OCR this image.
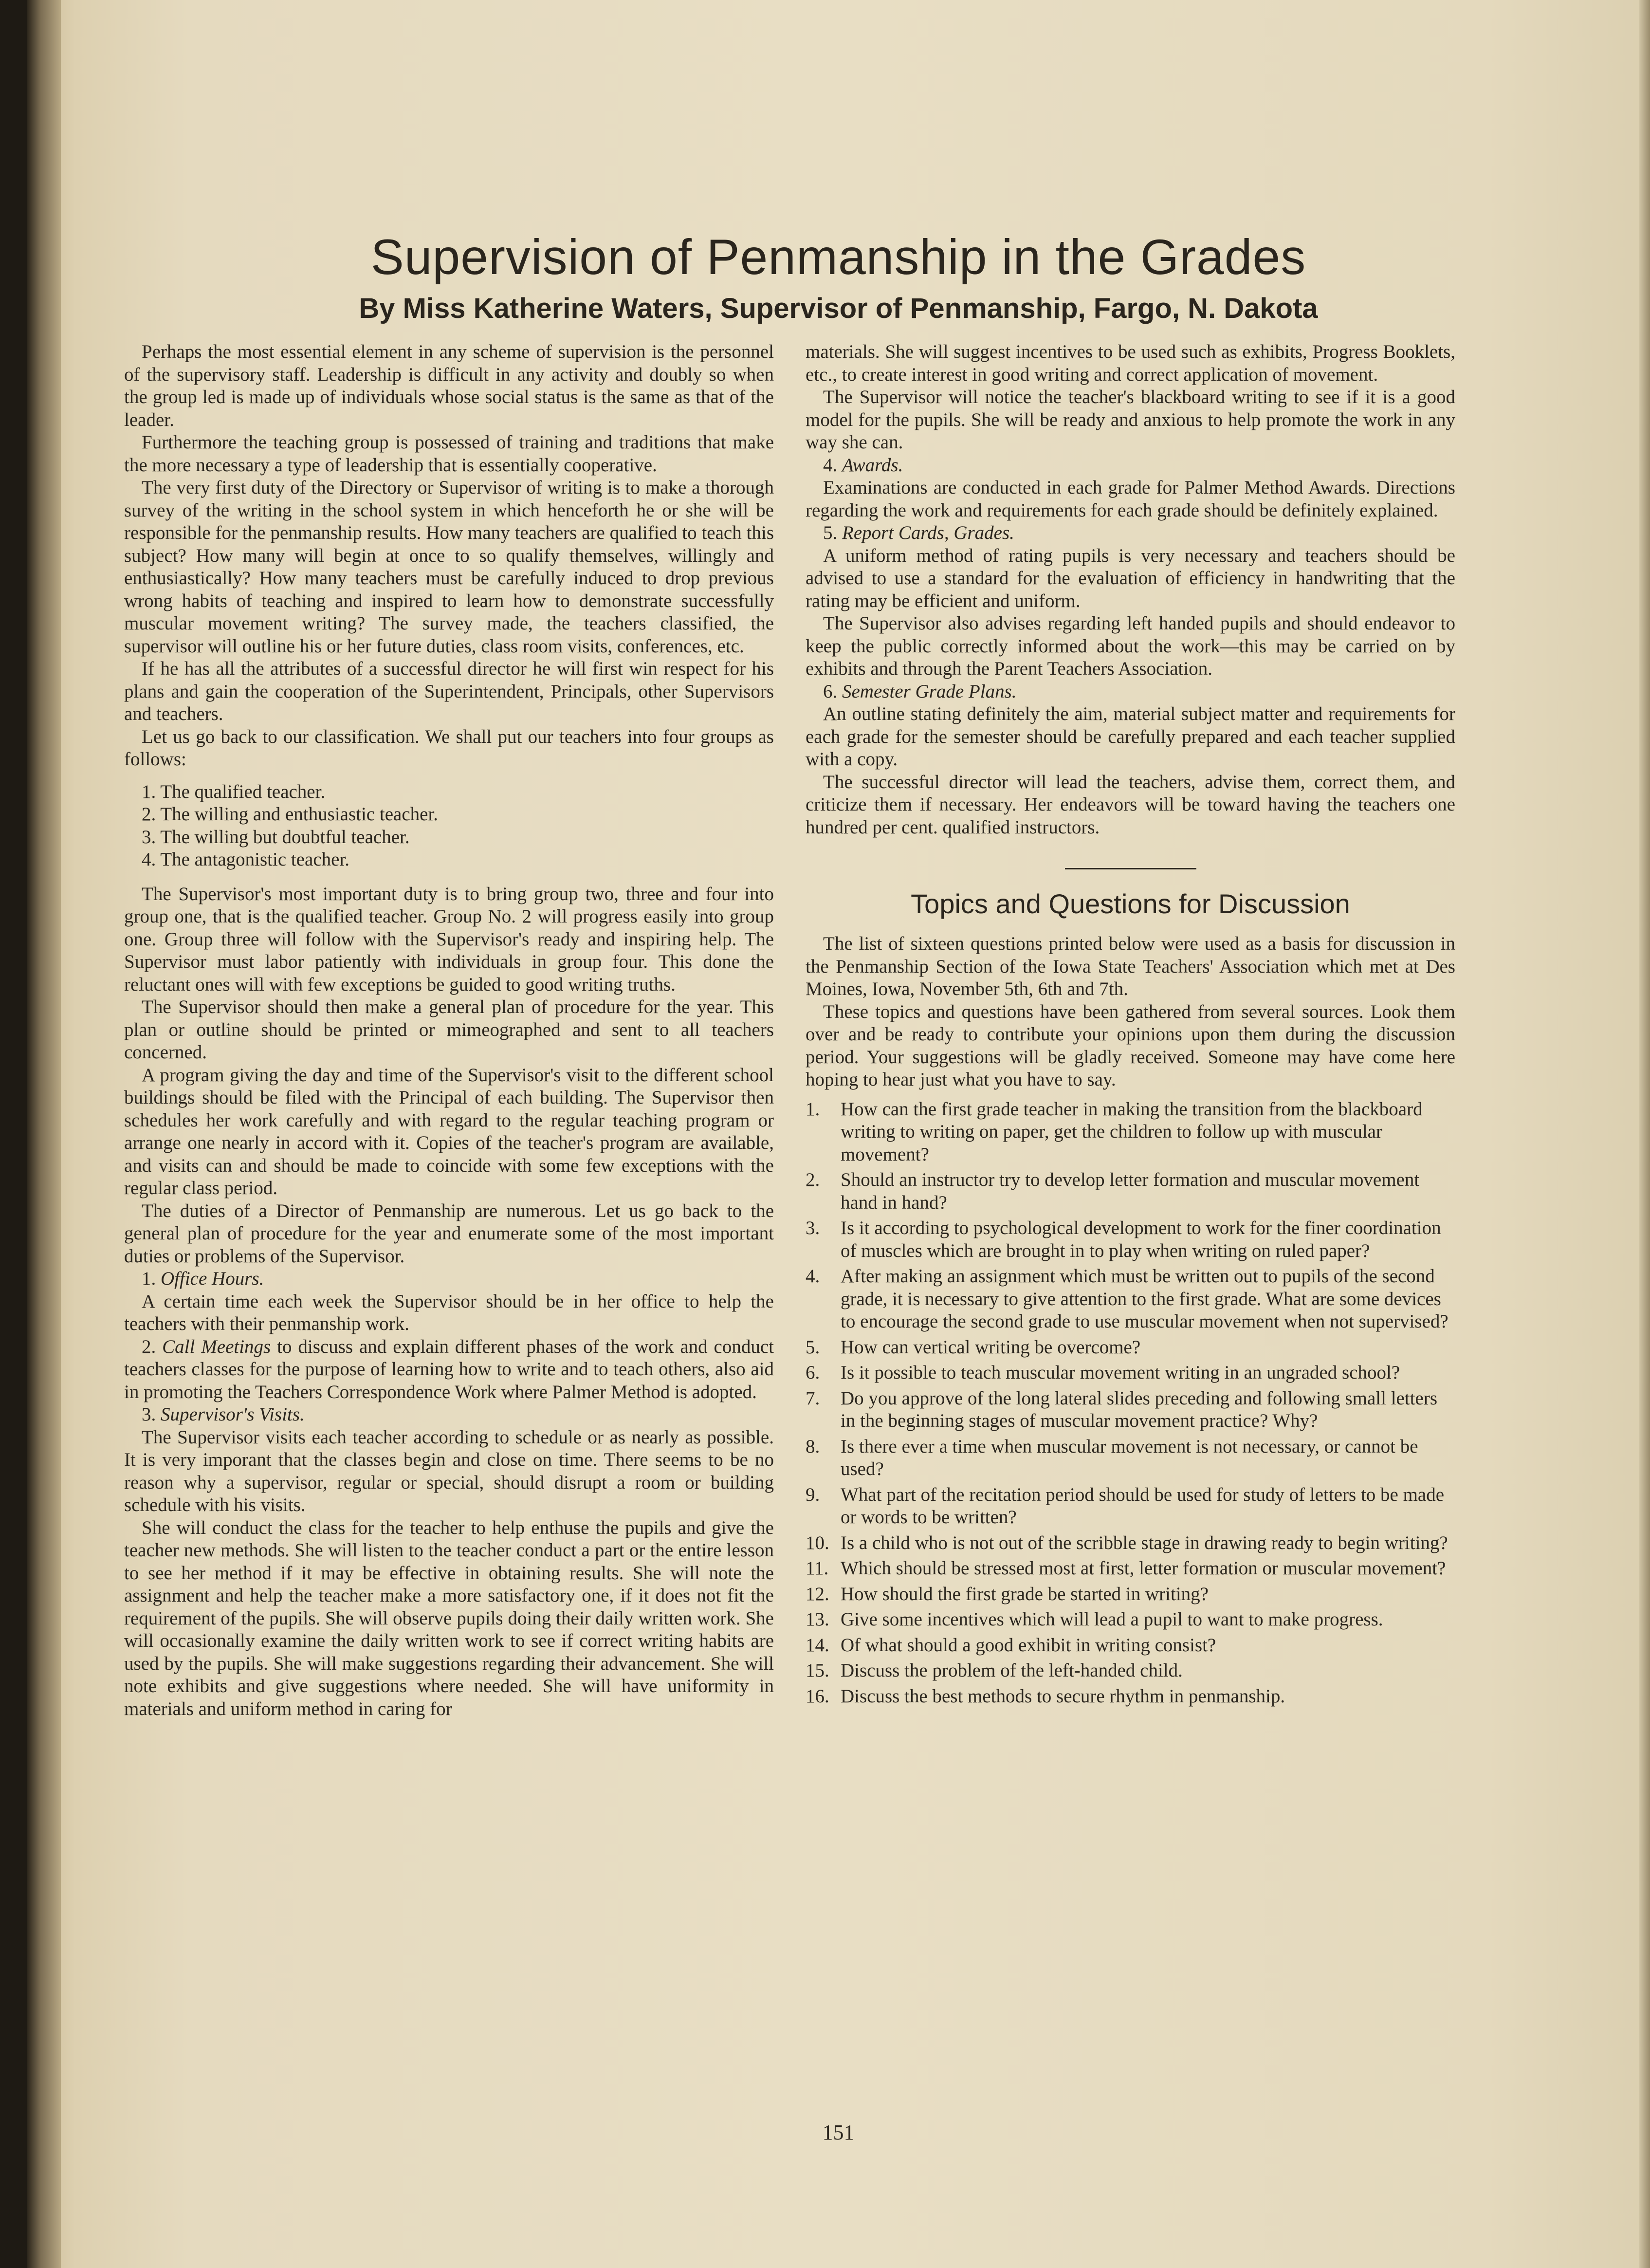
Supervision of Penmanship in the Grades
By Miss Katherine Waters, Supervisor of Penmanship, Fargo, N. Dakota

Perhaps the most essential element in any scheme of supervision is the personnel of the supervisory staff. Leadership is difficult in any activity and doubly so when the group led is made up of individuals whose social status is the same as that of the leader.

Furthermore the teaching group is possessed of training and traditions that make the more necessary a type of leadership that is essentially cooperative.

The very first duty of the Directory or Supervisor of writing is to make a thorough survey of the writing in the school system in which henceforth he or she will be responsible for the penmanship results. How many teachers are qualified to teach this subject? How many will begin at once to so qualify themselves, willingly and enthusiastically? How many teachers must be carefully induced to drop previous wrong habits of teaching and inspired to learn how to demonstrate successfully muscular movement writing? The survey made, the teachers classified, the supervisor will outline his or her future duties, class room visits, conferences, etc.

If he has all the attributes of a successful director he will first win respect for his plans and gain the cooperation of the Superintendent, Principals, other Supervisors and teachers.

Let us go back to our classification. We shall put our teachers into four groups as follows:

1. The qualified teacher.
2. The willing and enthusiastic teacher.
3. The willing but doubtful teacher.
4. The antagonistic teacher.

The Supervisor's most important duty is to bring group two, three and four into group one, that is the qualified teacher. Group No. 2 will progress easily into group one. Group three will follow with the Supervisor's ready and inspiring help. The Supervisor must labor patiently with individuals in group four. This done the reluctant ones will with few exceptions be guided to good writing truths.

The Supervisor should then make a general plan of procedure for the year. This plan or outline should be printed or mimeographed and sent to all teachers concerned.

A program giving the day and time of the Supervisor's visit to the different school buildings should be filed with the Principal of each building. The Supervisor then schedules her work carefully and with regard to the regular teaching program or arrange one nearly in accord with it. Copies of the teacher's program are available, and visits can and should be made to coincide with some few exceptions with the regular class period.

The duties of a Director of Penmanship are numerous. Let us go back to the general plan of procedure for the year and enumerate some of the most important duties or problems of the Supervisor.

1. Office Hours.

A certain time each week the Supervisor should be in her office to help the teachers with their penmanship work.

2. Call Meetings to discuss and explain different phases of the work and conduct teachers classes for the purpose of learning how to write and to teach others, also aid in promoting the Teachers Correspondence Work where Palmer Method is adopted.

3. Supervisor's Visits.

The Supervisor visits each teacher according to schedule or as nearly as possible. It is very imporant that the classes begin and close on time. There seems to be no reason why a supervisor, regular or special, should disrupt a room or building schedule with his visits.

She will conduct the class for the teacher to help enthuse the pupils and give the teacher new methods. She will listen to the teacher conduct a part or the entire lesson to see her method if it may be effective in obtaining results. She will note the assignment and help the teacher make a more satisfactory one, if it does not fit the requirement of the pupils. She will observe pupils doing their daily written work. She will occasionally examine the daily written work to see if correct writing habits are used by the pupils. She will make suggestions regarding their advancement. She will note exhibits and give suggestions where needed. She will have uniformity in materials and uniform method in caring for

materials. She will suggest incentives to be used such as exhibits, Progress Booklets, etc., to create interest in good writing and correct application of movement.

The Supervisor will notice the teacher's blackboard writing to see if it is a good model for the pupils. She will be ready and anxious to help promote the work in any way she can.

4. Awards.

Examinations are conducted in each grade for Palmer Method Awards. Directions regarding the work and requirements for each grade should be definitely explained.

5. Report Cards, Grades.

A uniform method of rating pupils is very necessary and teachers should be advised to use a standard for the evaluation of efficiency in handwriting that the rating may be efficient and uniform.

The Supervisor also advises regarding left handed pupils and should endeavor to keep the public correctly informed about the work—this may be carried on by exhibits and through the Parent Teachers Association.

6. Semester Grade Plans.

An outline stating definitely the aim, material subject matter and requirements for each grade for the semester should be carefully prepared and each teacher supplied with a copy.

The successful director will lead the teachers, advise them, correct them, and criticize them if necessary. Her endeavors will be toward having the teachers one hundred per cent. qualified instructors.

Topics and Questions for Discussion

The list of sixteen questions printed below were used as a basis for discussion in the Penmanship Section of the Iowa State Teachers' Association which met at Des Moines, Iowa, November 5th, 6th and 7th.

These topics and questions have been gathered from several sources. Look them over and be ready to contribute your opinions upon them during the discussion period. Your suggestions will be gladly received. Someone may have come here hoping to hear just what you have to say.

1. How can the first grade teacher in making the transition from the blackboard writing to writing on paper, get the children to follow up with muscular movement?
2. Should an instructor try to develop letter formation and muscular movement hand in hand?
3. Is it according to psychological development to work for the finer coordination of muscles which are brought in to play when writing on ruled paper?
4. After making an assignment which must be written out to pupils of the second grade, it is necessary to give attention to the first grade. What are some devices to encourage the second grade to use muscular movement when not supervised?
5. How can vertical writing be overcome?
6. Is it possible to teach muscular movement writing in an ungraded school?
7. Do you approve of the long lateral slides preceding and following small letters in the beginning stages of muscular movement practice? Why?
8. Is there ever a time when muscular movement is not necessary, or cannot be used?
9. What part of the recitation period should be used for study of letters to be made or words to be written?
10. Is a child who is not out of the scribble stage in drawing ready to begin writing?
11. Which should be stressed most at first, letter formation or muscular movement?
12. How should the first grade be started in writing?
13. Give some incentives which will lead a pupil to want to make progress.
14. Of what should a good exhibit in writing consist?
15. Discuss the problem of the left-handed child.
16. Discuss the best methods to secure rhythm in penmanship.
151
